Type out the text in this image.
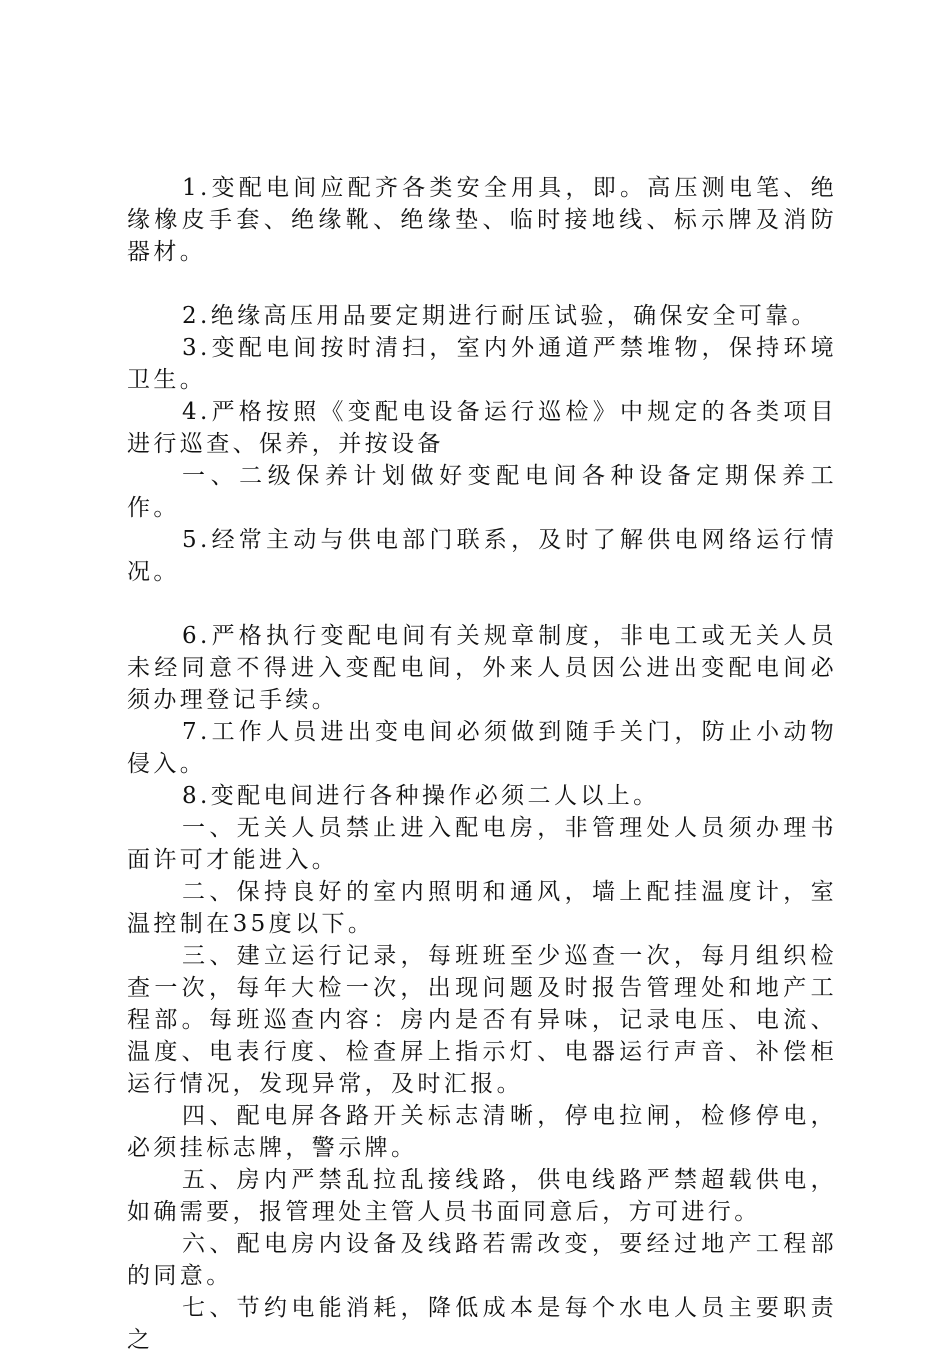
1.变配电间应配齐各类安全用具，即。高压测电笔、绝缘橡皮手套、绝缘靴、绝缘垫、临时接地线、标示牌及消防器材。

2.绝缘高压用品要定期进行耐压试验，确保安全可靠。

3.变配电间按时清扫，室内外通道严禁堆物，保持环境卫生。

4.严格按照《变配电设备运行巡检》中规定的各类项目进行巡查、保养，并按设备

一、二级保养计划做好变配电间各种设备定期保养工作。

5.经常主动与供电部门联系，及时了解供电网络运行情况。

6.严格执行变配电间有关规章制度，非电工或无关人员未经同意不得进入变配电间，外来人员因公进出变配电间必须办理登记手续。

7.工作人员进出变电间必须做到随手关门，防止小动物侵入。

8.变配电间进行各种操作必须二人以上。

一、无关人员禁止进入配电房，非管理处人员须办理书面许可才能进入。

二、保持良好的室内照明和通风，墙上配挂温度计，室温控制在35度以下。

三、建立运行记录，每班班至少巡查一次，每月组织检查一次，每年大检一次，出现问题及时报告管理处和地产工程部。每班巡查内容：房内是否有异味，记录电压、电流、温度、电表行度、检查屏上指示灯、电器运行声音、补偿柜运行情况，发现异常，及时汇报。

四、配电屏各路开关标志清晰，停电拉闸，检修停电，必须挂标志牌，警示牌。

五、房内严禁乱拉乱接线路，供电线路严禁超载供电，如确需要，报管理处主管人员书面同意后，方可进行。

六、配电房内设备及线路若需改变，要经过地产工程部的同意。

七、节约电能消耗，降低成本是每个水电人员主要职责之
